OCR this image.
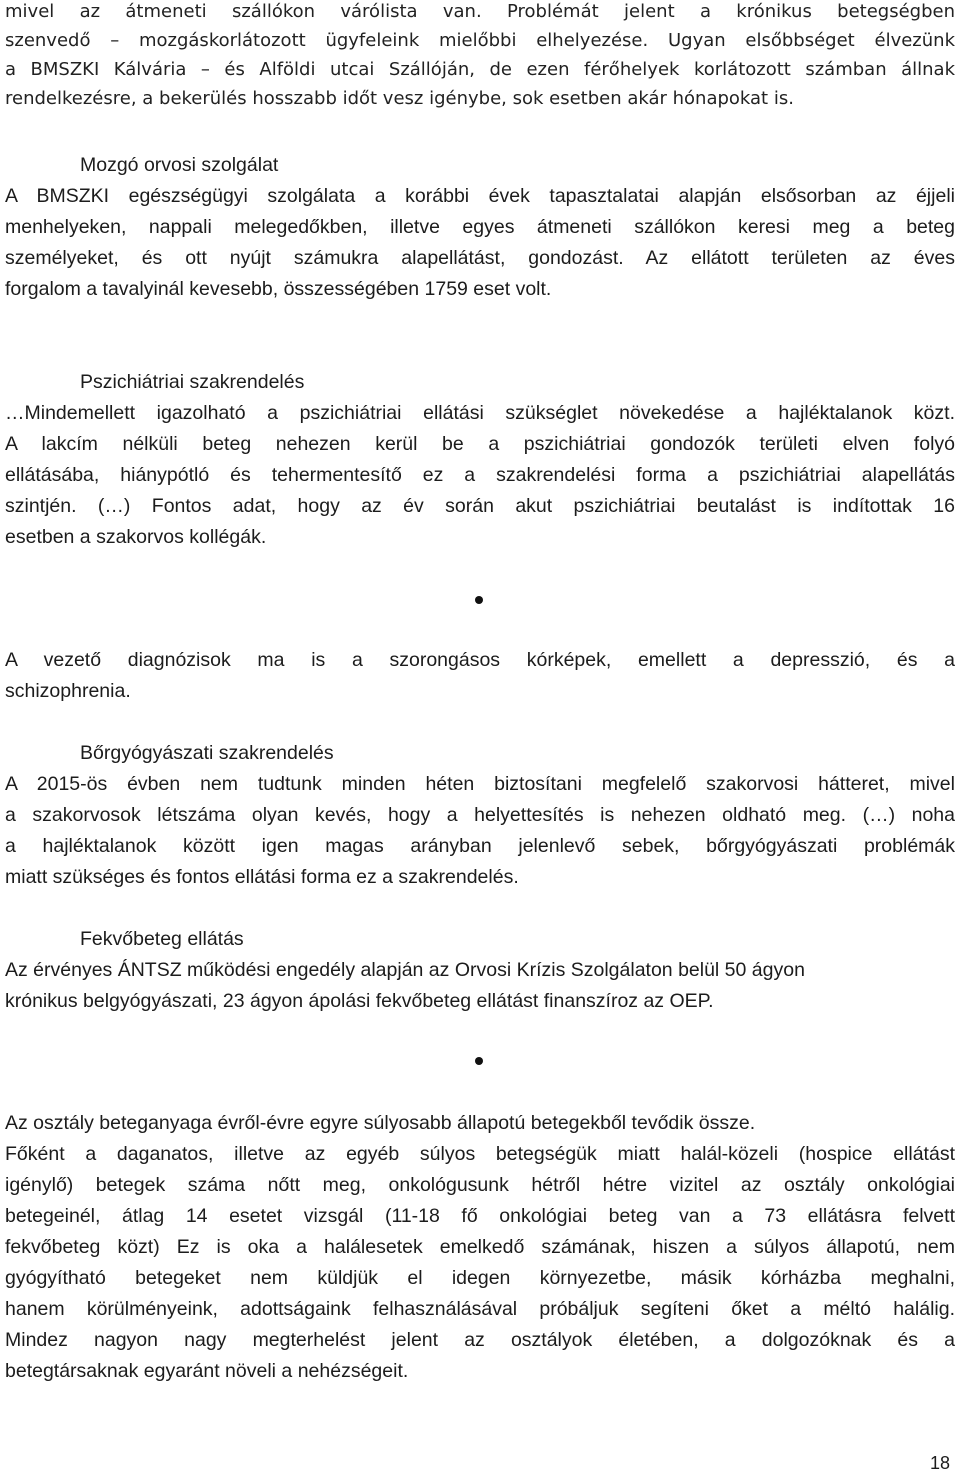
mivel az átmeneti szállókon várólista van. Problémát jelent a krónikus betegségben
szenvedő – mozgáskorlátozott ügyfeleink mielőbbi elhelyezése. Ugyan elsőbbséget élvezünk
a BMSZKI Kálvária – és Alföldi utcai Szállóján, de ezen férőhelyek korlátozott számban állnak
rendelkezésre, a bekerülés hosszabb időt vesz igénybe, sok esetben akár hónapokat is.

Mozgó orvosi szolgálat

A BMSZKI egészségügyi szolgálata a korábbi évek tapasztalatai alapján elsősorban az éjjeli
menhelyeken, nappali melegedőkben, illetve egyes átmeneti szállókon keresi meg a beteg
személyeket, és ott nyújt számukra alapellátást, gondozást. Az ellátott területen az éves
forgalom a tavalyinál kevesebb, összességében 1759 eset volt.

Pszichiátriai szakrendelés

…Mindemellett igazolható a pszichiátriai ellátási szükséglet növekedése a hajléktalanok közt.
A lakcím nélküli beteg nehezen kerül be a pszichiátriai gondozók területi elven folyó
ellátásába, hiánypótló és tehermentesítő ez a szakrendelési forma a pszichiátriai alapellátás
szintjén. (…) Fontos adat, hogy az év során akut pszichiátriai beutalást is indítottak 16
esetben a szakorvos kollégák.
A vezető diagnózisok ma is a szorongásos kórképek, emellett a depresszió, és a
schizophrenia.

Bőrgyógyászati szakrendelés

A 2015-ös évben nem tudtunk minden héten biztosítani megfelelő szakorvosi hátteret, mivel
a szakorvosok létszáma olyan kevés, hogy a helyettesítés is nehezen oldható meg. (…) noha
a hajléktalanok között igen magas arányban jelenlevő sebek, bőrgyógyászati problémák
miatt szükséges és fontos ellátási forma ez a szakrendelés.

Fekvőbeteg ellátás

Az érvényes ÁNTSZ működési engedély alapján az Orvosi Krízis Szolgálaton belül 50 ágyon
krónikus belgyógyászati, 23 ágyon ápolási fekvőbeteg ellátást finanszíroz az OEP.
Az osztály beteganyaga évről-évre egyre súlyosabb állapotú betegekből tevődik össze.
Főként a daganatos, illetve az egyéb súlyos betegségük miatt halál-közeli (hospice ellátást
igénylő) betegek száma nőtt meg, onkológusunk hétről hétre vizitel az osztály onkológiai
betegeinél, átlag 14 esetet vizsgál (11-18 fő onkológiai beteg van a 73 ellátásra felvett
fekvőbeteg közt) Ez is oka a halálesetek emelkedő számának, hiszen a súlyos állapotú, nem
gyógyítható betegeket nem küldjük el idegen környezetbe, másik kórházba meghalni,
hanem körülményeink, adottságaink felhasználásával próbáljuk segíteni őket a méltó halálig.
Mindez nagyon nagy megterhelést jelent az osztályok életében, a dolgozóknak és a
betegtársaknak egyaránt növeli a nehézségeit.
18
